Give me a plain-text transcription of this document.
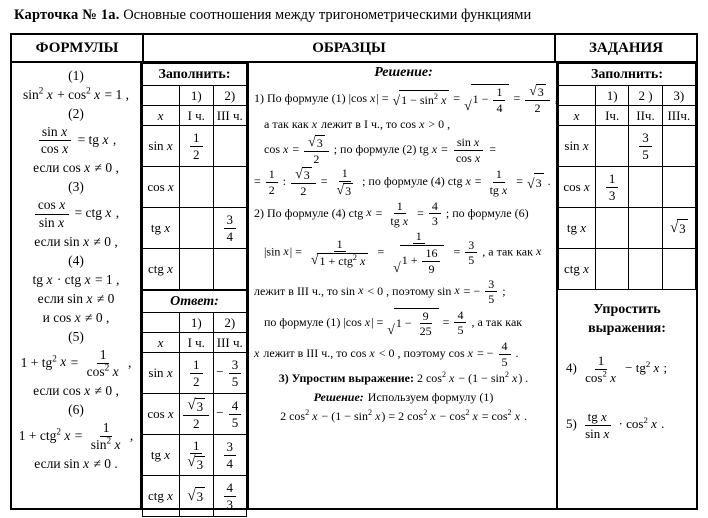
Карточка № 1а. Основные соотношения между тригонометрическими функциями
ФОРМУЛЫ	ОБРАЗЦЫ	ЗАДАНИЯ
(1)
$\sin^2 x + \cos^2 x = 1$ ,
(2)
$\frac{\text{sin x}}{\text{cos x}}$ = tg x ,
если cos x ≠ 0 ,
(3)
$\frac{\text{cos x}}{\text{sin x}}$ = ctg x ,
если sin x ≠ 0 ,
(4)
tg x · ctg x = 1 ,
если sin x ≠ 0
и cos x ≠ 0 ,
(5)
$1 + tg^2$ $x = \frac{1}{\cos^2 x}$ ,
если cos x ≠ 0 ,
(6)
1 + ctg$^2$ $x = \frac{1}{\sin^2 x}$ ,
если sin x ≠ 0 .
Заполнить:		
	1)	2)
x	I ч.	III ч.
sin x	$\frac{1}{2}$

cos x		
tg x		$\frac{3}{4}$

ctg x		
Ответ:		
	1)	2)
x	I ч.	III ч.
sin x	$\frac{1}{2}$	− $\frac{3}{5}$

cos x	$\frac{√ 3}{2}$	− $\frac{4}{5}$

tg x	$\frac{1}{√ 3}$	$\frac{3}{4}$

ctg x	√ 3	$\frac{4}{3}$
Решение:
1) По формуле (1) |cos x| = √ $1 - \sin^2 x$ =
√ $1 - \frac{1}{4} = \frac{√ 3}{2}$ ,
а так как x лежит в I ч., то cos x > 0 ,
$\cos x = \frac{√ 3}{2}$ ; по формуле (2) tg $x = \frac{\text{sin x}}{\text{cos x}}$ =
= $\frac{1}{2}$ : $\frac{√ 3}{2} = \frac{1}{√ 3}$ ; по формуле (4) ctg $x = \frac{1}{\text{tg x}}$ = √ 3 .
2) По формуле (4) ctg $x = \frac{1}{\text{tg x}} = \frac{4}{3}$ ; по формуле (6)
|sin $x| = \frac{1}{√ 1 + ctg^2 x} = \frac{1}{√ 1 + \frac{16}{9}} = \frac{3}{5}$ , а так как x
лежит в III ч., то sin x < 0 , поэтому sin x = − $\frac{3}{5}$ ;
по формуле (1) |cos x| =
√ $1 - \frac{9}{25} = \frac{4}{5}$ , а так как
x лежит в III ч., то cos x < 0 , поэтому cos x = − $\frac{4}{5}$ .
3) Упростим выражение: 2 $\cos^2 x - (1 - \sin^2 x)$ .
Решение: Используем формулу (1)
2 $\cos^2 x - (1 - \sin^2 x) = 2$ $\cos^2 x - \cos^2 x = \cos^2 x$ .
Заполнить:			
	1)	2 )	3)
x	Iч.	IIч.	IIIч.
sin x		$\frac{3}{5}$

cos x	$\frac{1}{3}$

tg x			√ 3

ctg x			
Упростить выражения:
$4) \frac{1}{\cos^2 x} - tg^2$ x ;
$5) \frac{\text{tg x}}{\text{sin x}} \cdot \cos^2 x$ .
